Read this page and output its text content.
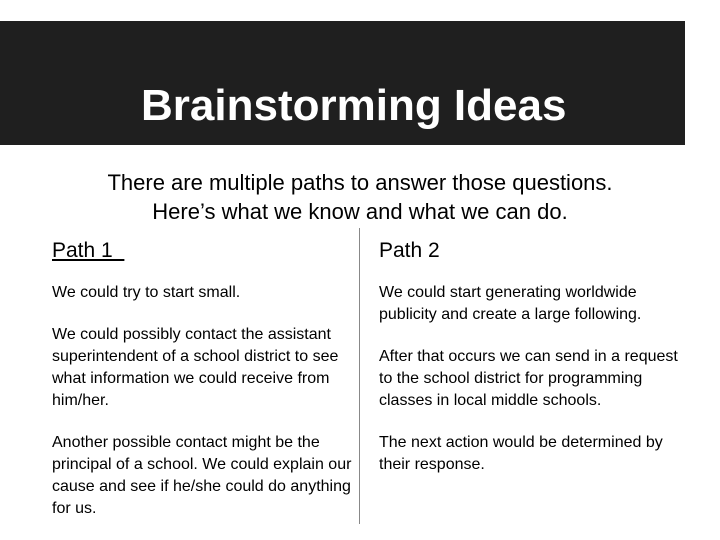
Brainstorming Ideas
There are multiple paths to answer those questions.
Here’s what we know and what we can do.
Path 1

We could try to start small.

We could possibly contact the assistant superintendent of a school district to see what information we could receive from him/her.

Another possible contact might be the principal of a school. We could explain our cause and see if he/she could do anything for us.

Path 2

We could start generating worldwide publicity and create a large following.

After that occurs we can send in a request to the school district for programming classes in local middle schools.

The next action would be determined by their response.
